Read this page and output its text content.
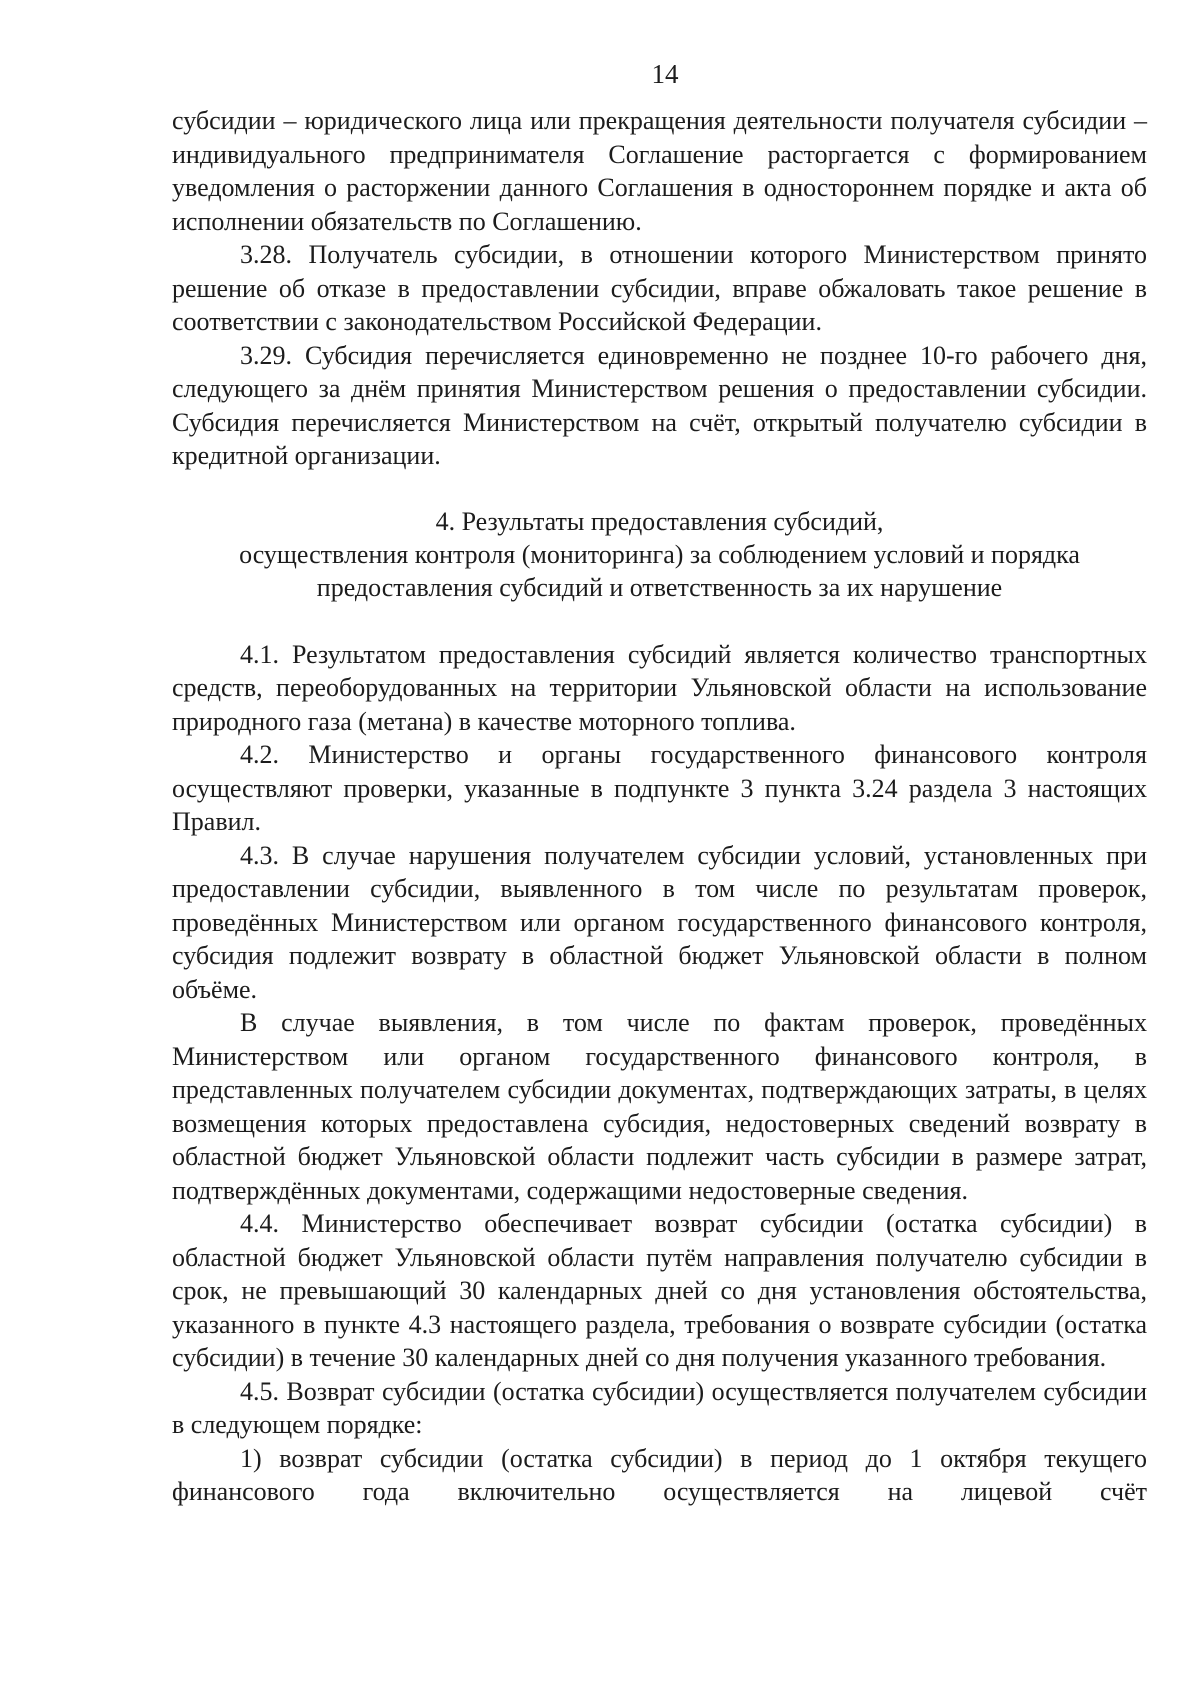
14

субсидии – юридического лица или прекращения деятельности получателя субсидии – индивидуального предпринимателя Соглашение расторгается с формированием уведомления о расторжении данного Соглашения в одностороннем порядке и акта об исполнении обязательств по Соглашению.

3.28. Получатель субсидии, в отношении которого Министерством принято решение об отказе в предоставлении субсидии, вправе обжаловать такое решение в соответствии с законодательством Российской Федерации.

3.29. Субсидия перечисляется единовременно не позднее 10-го рабочего дня, следующего за днём принятия Министерством решения о предоставлении субсидии. Субсидия перечисляется Министерством на счёт, открытый получателю субсидии в кредитной организации.

4. Результаты предоставления субсидий,
осуществления контроля (мониторинга) за соблюдением условий и порядка
предоставления субсидий и ответственность за их нарушение

4.1. Результатом предоставления субсидий является количество транспортных средств, переоборудованных на территории Ульяновской области на использование природного газа (метана) в качестве моторного топлива.

4.2. Министерство и органы государственного финансового контроля осуществляют проверки, указанные в подпункте 3 пункта 3.24 раздела 3 настоящих Правил.

4.3. В случае нарушения получателем субсидии условий, установленных при предоставлении субсидии, выявленного в том числе по результатам проверок, проведённых Министерством или органом государственного финансового контроля, субсидия подлежит возврату в областной бюджет Ульяновской области в полном объёме.

В случае выявления, в том числе по фактам проверок, проведённых Министерством или органом государственного финансового контроля, в представленных получателем субсидии документах, подтверждающих затраты, в целях возмещения которых предоставлена субсидия, недостоверных сведений возврату в областной бюджет Ульяновской области подлежит часть субсидии в размере затрат, подтверждённых документами, содержащими недостоверные сведения.

4.4. Министерство обеспечивает возврат субсидии (остатка субсидии) в областной бюджет Ульяновской области путём направления получателю субсидии в срок, не превышающий 30 календарных дней со дня установления обстоятельства, указанного в пункте 4.3 настоящего раздела, требования о возврате субсидии (остатка субсидии) в течение 30 календарных дней со дня получения указанного требования.

4.5. Возврат субсидии (остатка субсидии) осуществляется получателем субсидии в следующем порядке:

1) возврат субсидии (остатка субсидии) в период до 1 октября текущего финансового года включительно осуществляется на лицевой счёт
